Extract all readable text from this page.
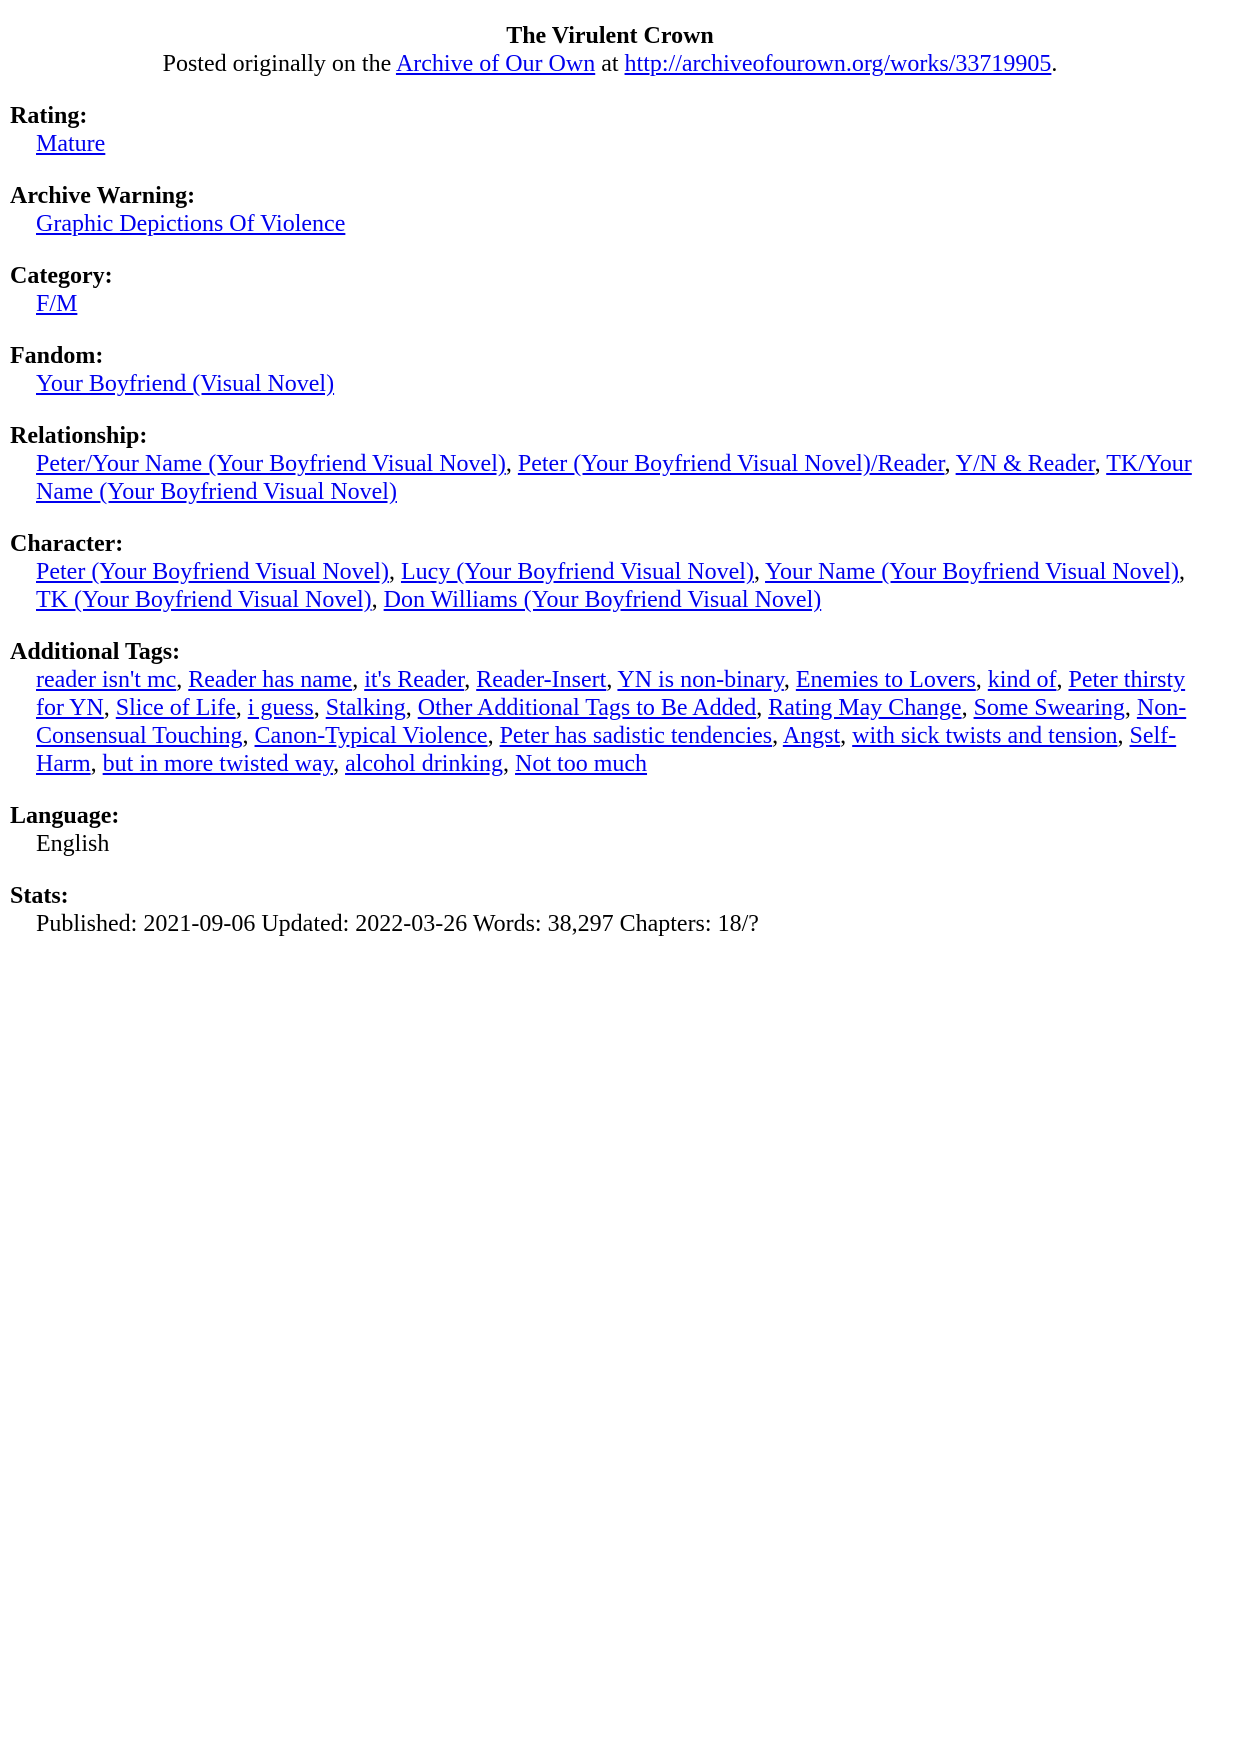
The Virulent Crown

Posted originally on the Archive of Our Own at http://archiveofourown.org/works/33719905.

Rating:

Mature

Archive Warning:

Graphic Depictions Of Violence

Category:

F/M

Fandom:

Your Boyfriend (Visual Novel)

Relationship:

Peter/Your Name (Your Boyfriend Visual Novel), Peter (Your Boyfriend Visual Novel)/Reader, Y/N & Reader, TK/Your Name (Your Boyfriend Visual Novel)

Character:

Peter (Your Boyfriend Visual Novel), Lucy (Your Boyfriend Visual Novel), Your Name (Your Boyfriend Visual Novel), TK (Your Boyfriend Visual Novel), Don Williams (Your Boyfriend Visual Novel)

Additional Tags:

reader isn't mc, Reader has name, it's Reader, Reader-Insert, YN is non-binary, Enemies to Lovers, kind of, Peter thirsty for YN, Slice of Life, i guess, Stalking, Other Additional Tags to Be Added, Rating May Change, Some Swearing, Non-Consensual Touching, Canon-Typical Violence, Peter has sadistic tendencies, Angst, with sick twists and tension, Self-Harm, but in more twisted way, alcohol drinking, Not too much

Language:

English

Stats:

Published: 2021-09-06 Updated: 2022-03-26 Words: 38,297 Chapters: 18/?
